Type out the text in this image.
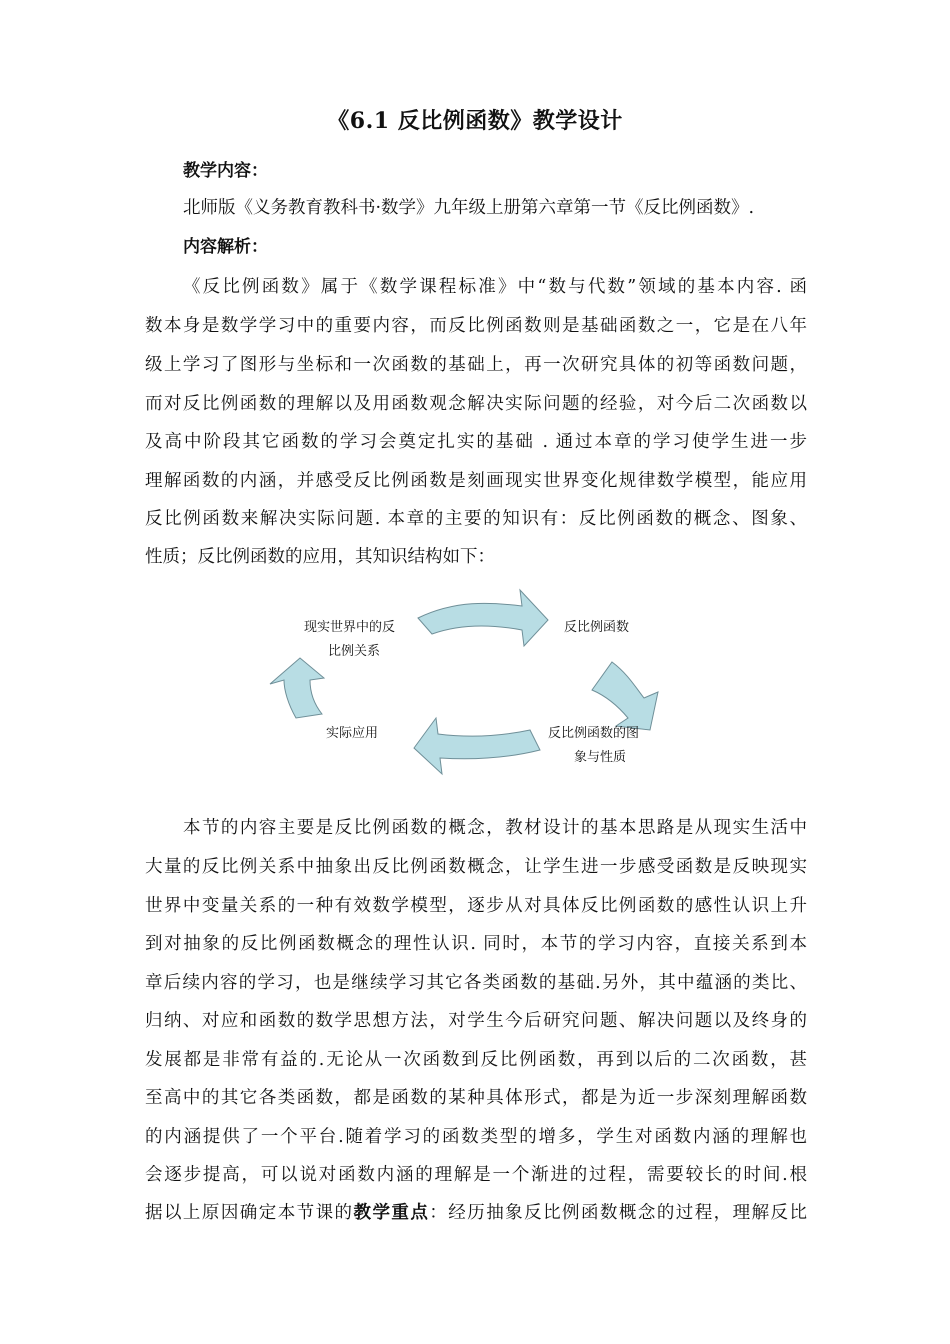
《6.1 反比例函数》教学设计
教学内容：
北师版《义务教育教科书·数学》九年级上册第六章第一节《反比例函数》.
内容解析：
《反比例函数》属于《数学课程标准》中“数与代数”领域的基本内容. 函
数本身是数学学习中的重要内容，而反比例函数则是基础函数之一，它是在八年
级上学习了图形与坐标和一次函数的基础上，再一次研究具体的初等函数问题，
而对反比例函数的理解以及用函数观念解决实际问题的经验，对今后二次函数以
及高中阶段其它函数的学习会奠定扎实的基础 . 通过本章的学习使学生进一步
理解函数的内涵，并感受反比例函数是刻画现实世界变化规律数学模型，能应用
反比例函数来解决实际问题. 本章的主要的知识有：反比例函数的概念、图象、
性质；反比例函数的应用，其知识结构如下：
现实世界中的反
比例关系
反比例函数
反比例函数的图
象与性质
实际应用
本节的内容主要是反比例函数的概念，教材设计的基本思路是从现实生活中
大量的反比例关系中抽象出反比例函数概念，让学生进一步感受函数是反映现实
世界中变量关系的一种有效数学模型，逐步从对具体反比例函数的感性认识上升
到对抽象的反比例函数概念的理性认识. 同时，本节的学习内容，直接关系到本
章后续内容的学习，也是继续学习其它各类函数的基础.另外，其中蕴涵的类比、
归纳、对应和函数的数学思想方法，对学生今后研究问题、解决问题以及终身的
发展都是非常有益的.无论从一次函数到反比例函数，再到以后的二次函数，甚
至高中的其它各类函数，都是函数的某种具体形式，都是为近一步深刻理解函数
的内涵提供了一个平台.随着学习的函数类型的增多，学生对函数内涵的理解也
会逐步提高，可以说对函数内涵的理解是一个渐进的过程，需要较长的时间.根
据以上原因确定本节课的教学重点：经历抽象反比例函数概念的过程，理解反比
